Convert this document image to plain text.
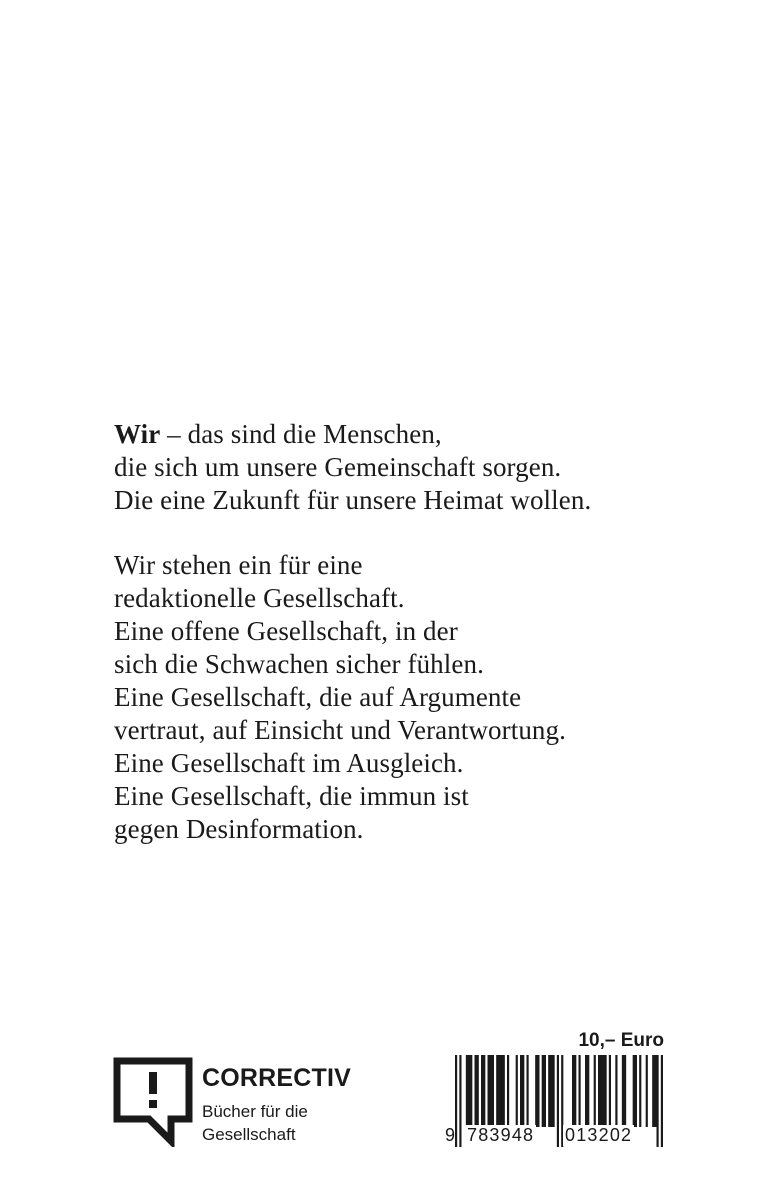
Wir – das sind die Menschen,
die sich um unsere Gemeinschaft sorgen.
Die eine Zukunft für unsere Heimat wollen.

Wir stehen ein für eine
redaktionelle Gesellschaft.
Eine offene Gesellschaft, in der
sich die Schwachen sicher fühlen.
Eine Gesellschaft, die auf Argumente
vertraut, auf Einsicht und Verantwortung.
Eine Gesellschaft im Ausgleich.
Eine Gesellschaft, die immun ist
gegen Desinformation.

CORRECTIV
Bücher für die
Gesellschaft
10,– Euro
9 783948 013202
